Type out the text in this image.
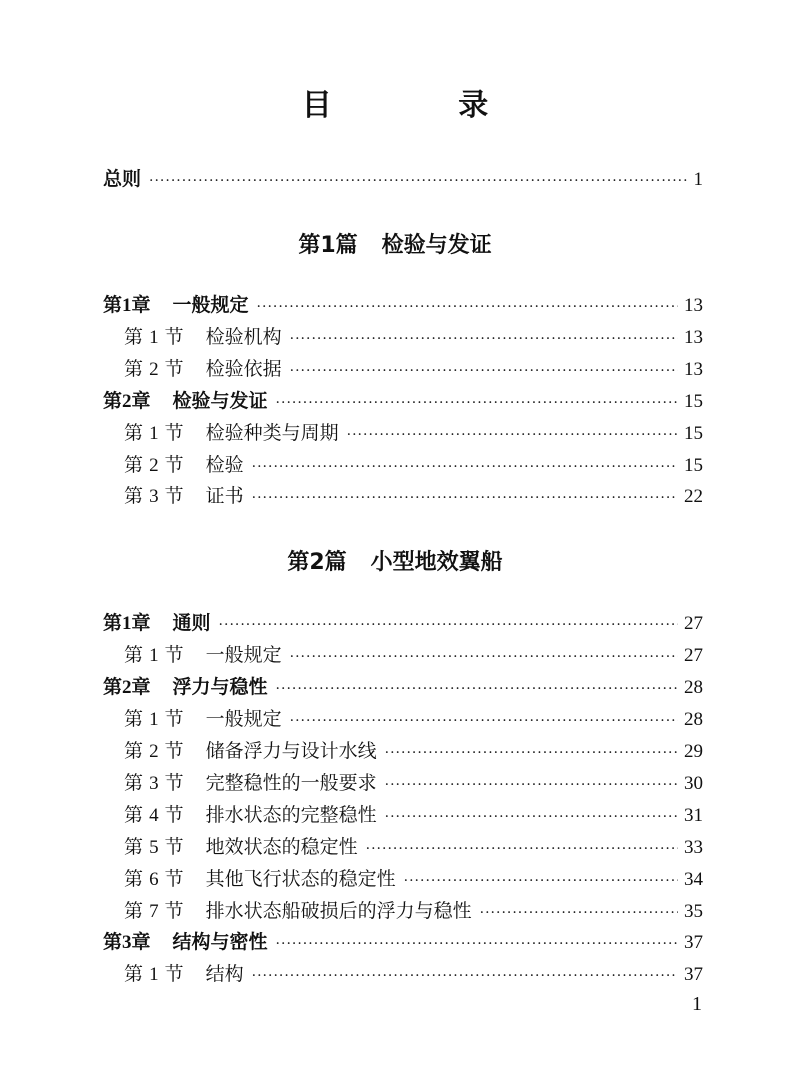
目 录
总则 ·····	1
第1篇 检验与发证
第1章 一般规定 ·····	13
第 1 节 检验机构 ·····	13
第 2 节 检验依据 ·····	13
第2章 检验与发证 ·····	15
第 1 节 检验种类与周期 ·····	15
第 2 节 检验 ·····	15
第 3 节 证书 ·····	22
第2篇 小型地效翼船
第1章 通则 ·····	27
第 1 节 一般规定 ·····	27
第2章 浮力与稳性 ·····	28
第 1 节 一般规定 ·····	28
第 2 节 储备浮力与设计水线 ·····	29
第 3 节 完整稳性的一般要求 ·····	30
第 4 节 排水状态的完整稳性 ·····	31
第 5 节 地效状态的稳定性 ·····	33
第 6 节 其他飞行状态的稳定性 ·····	34
第 7 节 排水状态船破损后的浮力与稳性 ·····	35
第3章 结构与密性 ·····	37
第 1 节 结构 ·····	37
1
